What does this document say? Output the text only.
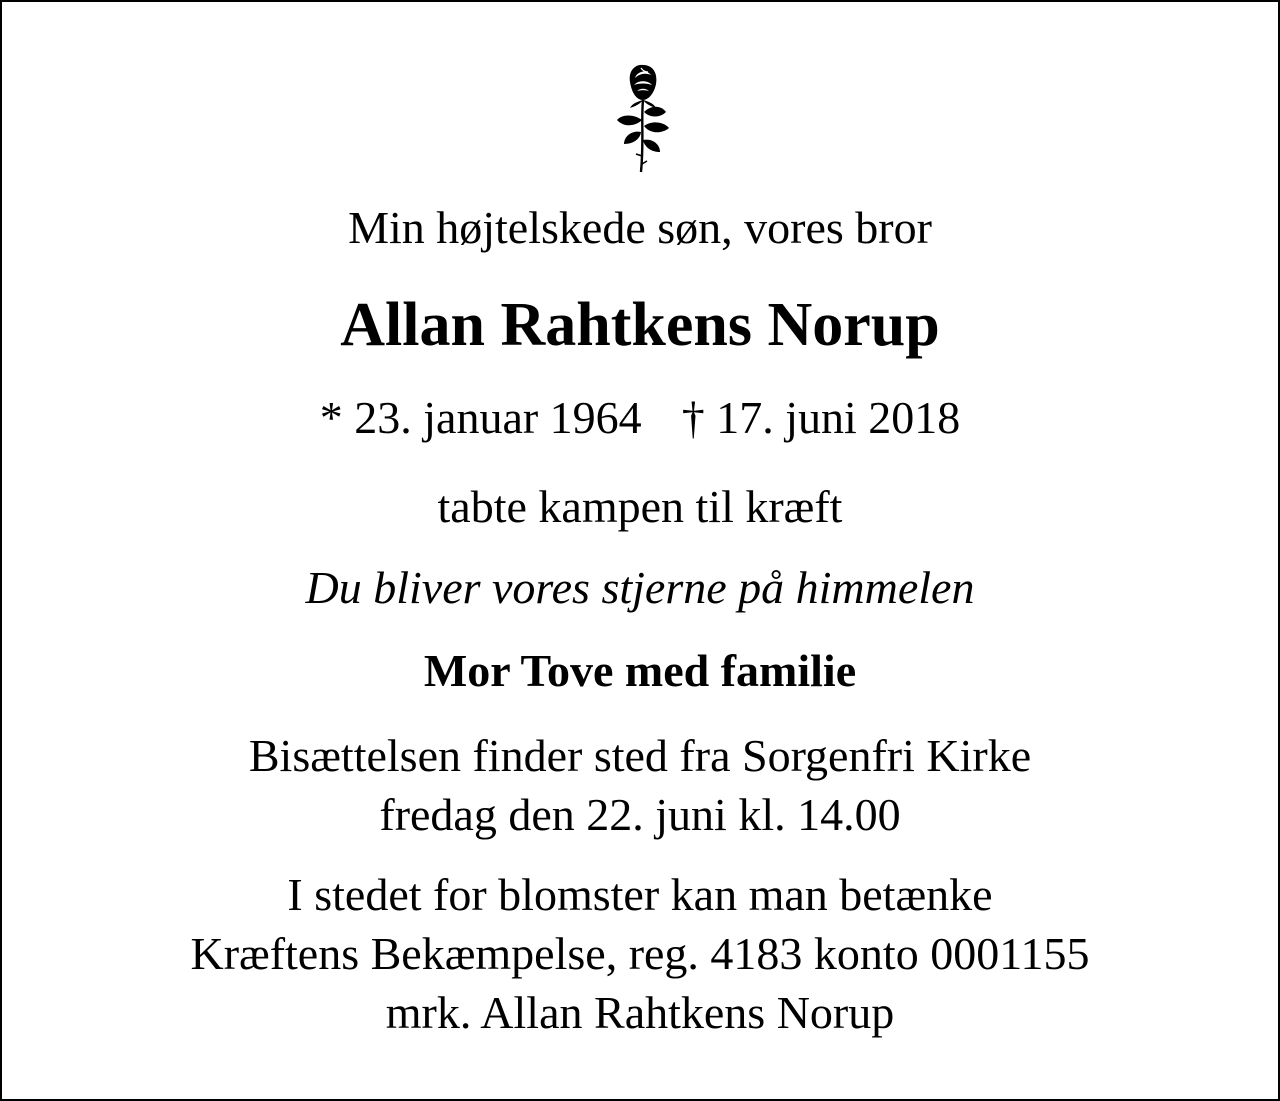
Min højtelskede søn, vores bror
Allan Rahtkens Norup
* 23. januar 1964 † 17. juni 2018
tabte kampen til kræft
Du bliver vores stjerne på himmelen
Mor Tove med familie
Bisættelsen finder sted fra Sorgenfri Kirke
fredag den 22. juni kl. 14.00
I stedet for blomster kan man betænke
Kræftens Bekæmpelse, reg. 4183 konto 0001155
mrk. Allan Rahtkens Norup
